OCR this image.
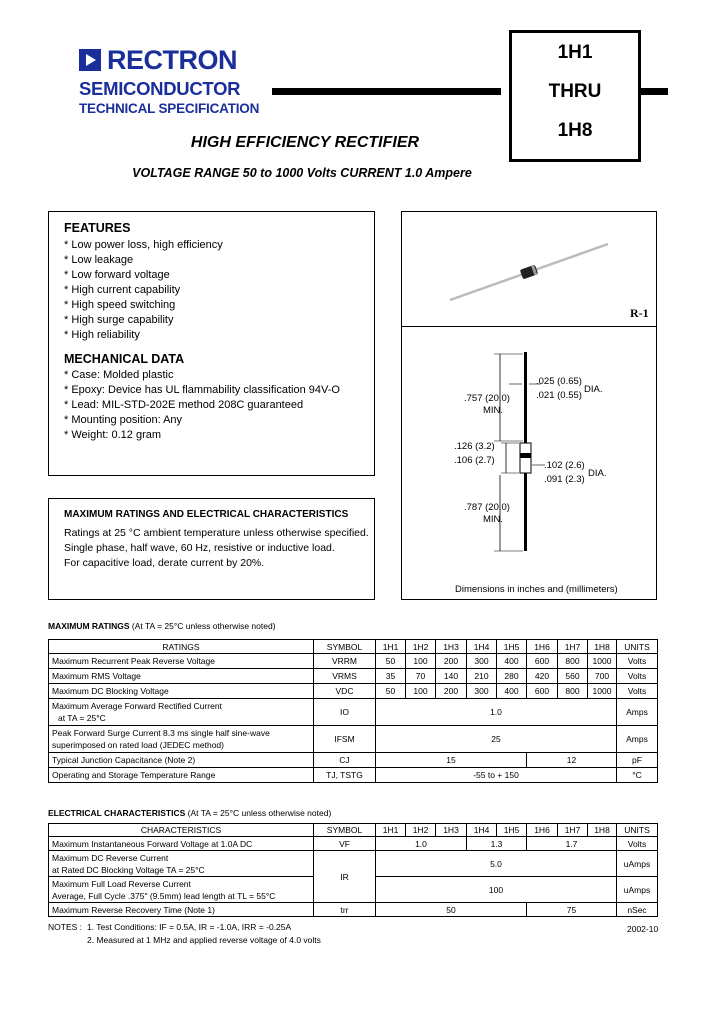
RECTRON
SEMICONDUCTOR
TECHNICAL SPECIFICATION
1H1
THRU
1H8
HIGH EFFICIENCY RECTIFIER
VOLTAGE RANGE 50 to 1000 Volts CURRENT 1.0 Ampere
FEATURES
* Low power loss, high efficiency
* Low leakage
* Low forward voltage
* High current capability
* High speed switching
* High surge capability
* High reliability
MECHANICAL DATA
* Case: Molded plastic
* Epoxy: Device has UL flammability classification 94V-O
* Lead: MIL-STD-202E method 208C guaranteed
* Mounting position: Any
* Weight: 0.12 gram
R-1
.025 (0.65)
.021 (0.55)
DIA.
.757 (20.0)
MIN.
.126 (3.2)
.106 (2.7)	.102 (2.6)
.091 (2.3)
DIA.
.787 (20.0)
MIN.
Dimensions in inches and (millimeters)
MAXIMUM RATINGS AND ELECTRICAL CHARACTERISTICS
Ratings at 25 °C ambient temperature unless otherwise specified.
Single phase, half wave, 60 Hz, resistive or inductive load.
For capacitive load, derate current by 20%.
MAXIMUM RATINGS (At TA = 25°C unless otherwise noted)
RATINGS	SYMBOL	1H1	1H2	1H3	1H4	1H5	1H6	1H7	1H8	UNITS
Maximum Recurrent Peak Reverse Voltage	VRRM	50	100	200	300	400	600	800	1000	Volts
Maximum RMS Voltage	VRMS	35	70	140	210	280	420	560	700	Volts
Maximum DC Blocking Voltage	VDC	50	100	200	300	400	600	800	1000	Volts

Maximum Average Forward Rectified Current
at TA = 25°C	IO	1.0								Amps

Peak Forward Surge Current 8.3 ms single half sine-wave
superimposed on rated load (JEDEC method)	IFSM	25								Amps
Typical Junction Capacitance (Note 2)	CJ	15					12			pF
Operating and Storage Temperature Range	TJ, TSTG	-55 to + 150								°C
ELECTRICAL CHARACTERISTICS (At TA = 25°C unless otherwise noted)
CHARACTERISTICS	SYMBOL	1H1	1H2	1H3	1H4	1H5	1H6	1H7	1H8	UNITS
Maximum Instantaneous Forward Voltage at 1.0A DC	VF	1.0			1.3		1.7			Volts

Maximum DC Reverse Current
at Rated DC Blocking Voltage TA = 25°C	IR	5.0								uAmps

Maximum Full Load Reverse Current
Average, Full Cycle .375" (9.5mm) lead length at TL = 55°C		100								uAmps
Maximum Reverse Recovery Time (Note 1)	trr	50					75			nSec
NOTES : 1. Test Conditions: IF = 0.5A, IR = -1.0A, IRR = -0.25A
2. Measured at 1 MHz and applied reverse voltage of 4.0 volts
2002-10
